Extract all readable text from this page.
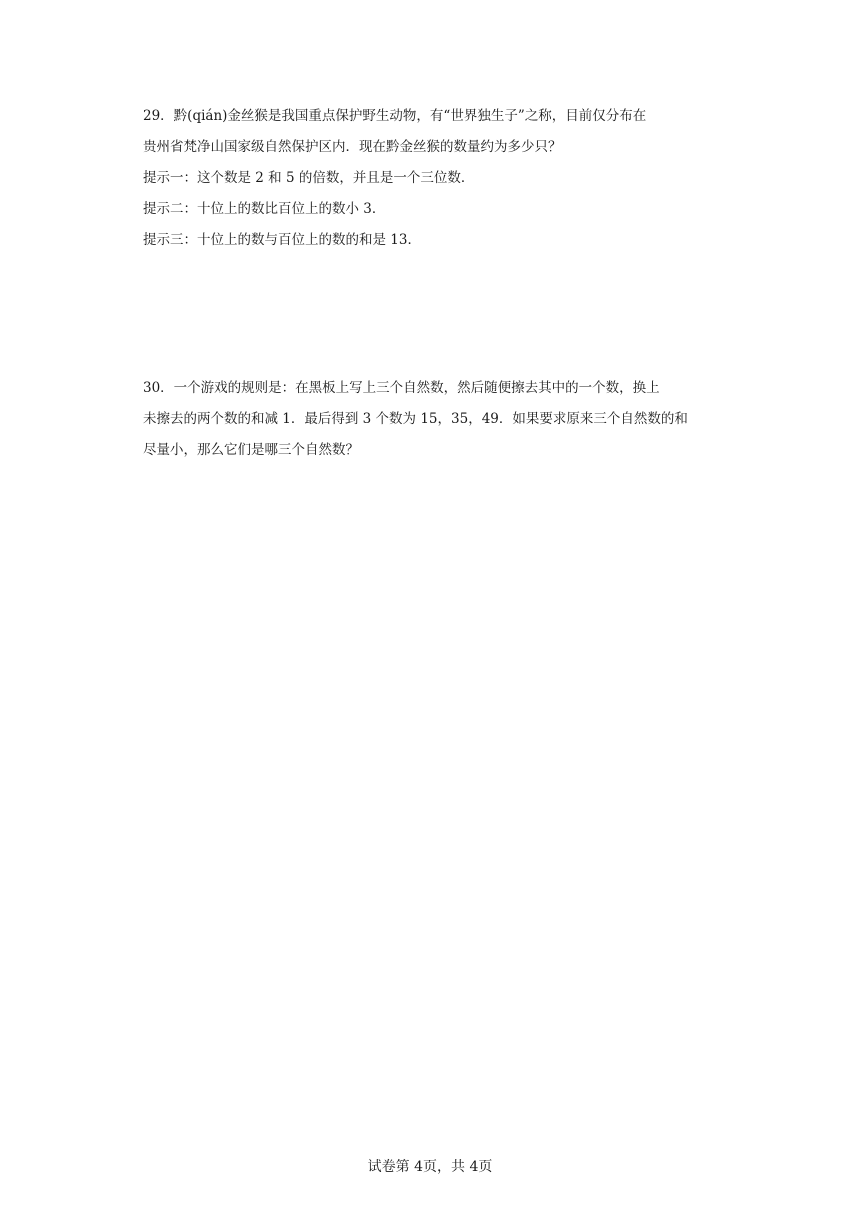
29．黔(qián)金丝猴是我国重点保护野生动物，有“世界独生子”之称，目前仅分布在
贵州省梵净山国家级自然保护区内．现在黔金丝猴的数量约为多少只？
提示一：这个数是 2 和 5 的倍数，并且是一个三位数．
提示二：十位上的数比百位上的数小 3．
提示三：十位上的数与百位上的数的和是 13．
30．一个游戏的规则是：在黑板上写上三个自然数，然后随便擦去其中的一个数，换上
未擦去的两个数的和减 1．最后得到 3 个数为 15，35，49．如果要求原来三个自然数的和
尽量小，那么它们是哪三个自然数？
试卷第 4页，共 4页
